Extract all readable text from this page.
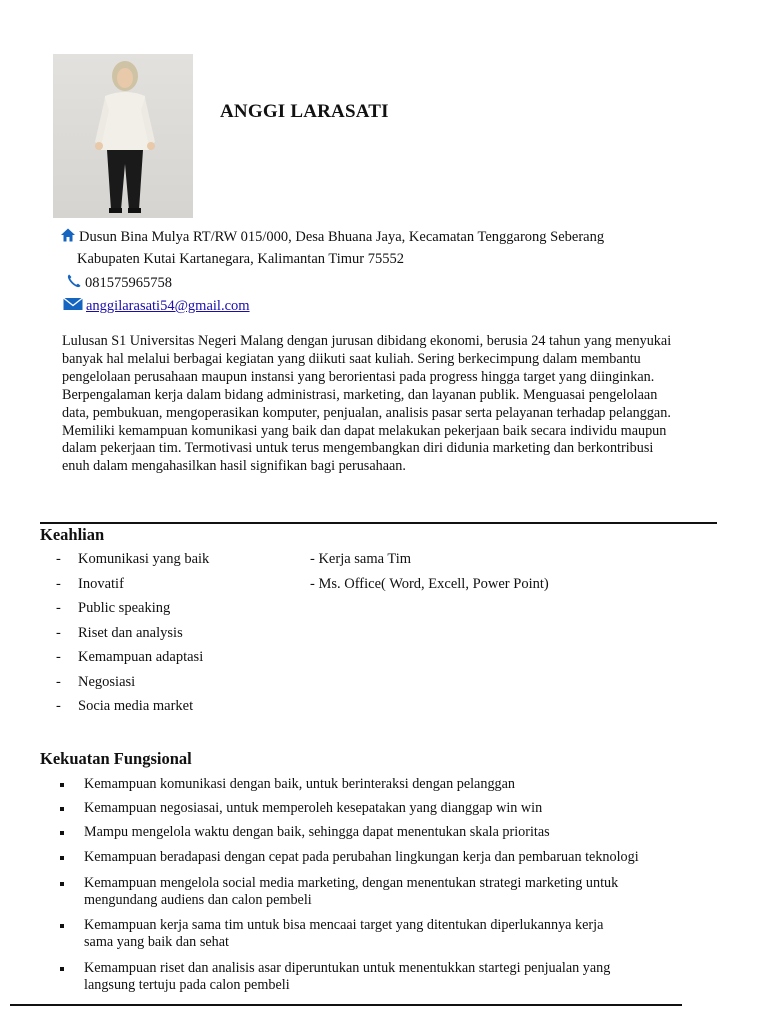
ANGGI LARASATI
Dusun Bina Mulya RT/RW 015/000, Desa Bhuana Jaya, Kecamatan Tenggarong Seberang
Kabupaten Kutai Kartanegara, Kalimantan Timur 75552
081575965758
anggilarasati54@gmail.com
Lulusan S1 Universitas Negeri Malang dengan jurusan dibidang ekonomi, berusia 24 tahun yang menyukai banyak hal melalui berbagai kegiatan yang diikuti saat kuliah. Sering berkecimpung dalam membantu pengelolaan perusahaan maupun instansi yang berorientasi pada progress hingga target yang diinginkan. Berpengalaman kerja dalam bidang administrasi, marketing, dan layanan publik. Menguasai pengelolaan data, pembukuan, mengoperasikan komputer, penjualan, analisis pasar serta pelayanan terhadap pelanggan. Memiliki kemampuan komunikasi yang baik dan dapat melakukan pekerjaan baik secara individu maupun dalam pekerjaan tim. Termotivasi untuk terus mengembangkan diri didunia marketing dan berkontribusi enuh dalam mengahasilkan hasil signifikan bagi perusahaan.
Keahlian
- Komunikasi yang baik
- Inovatif
- Public speaking
- Riset dan analysis
- Kemampuan adaptasi
- Negosiasi
- Socia media market
- Kerja sama Tim
- Ms. Office( Word, Excell, Power Point)
Kekuatan Fungsional
Kemampuan komunikasi dengan baik, untuk berinteraksi dengan pelanggan
Kemampuan negosiasai, untuk memperoleh kesepatakan yang dianggap win win
Mampu mengelola waktu dengan baik, sehingga dapat menentukan skala prioritas
Kemampuan beradapasi dengan cepat pada perubahan lingkungan kerja dan pembaruan teknologi
Kemampuan mengelola social media marketing, dengan menentukan strategi marketing untuk mengundang audiens dan calon pembeli
Kemampuan kerja sama tim untuk bisa mencaai target yang ditentukan diperlukannya kerja sama yang baik dan sehat
Kemampuan riset dan analisis asar diperuntukan untuk menentukkan startegi penjualan yang langsung tertuju pada calon pembeli
